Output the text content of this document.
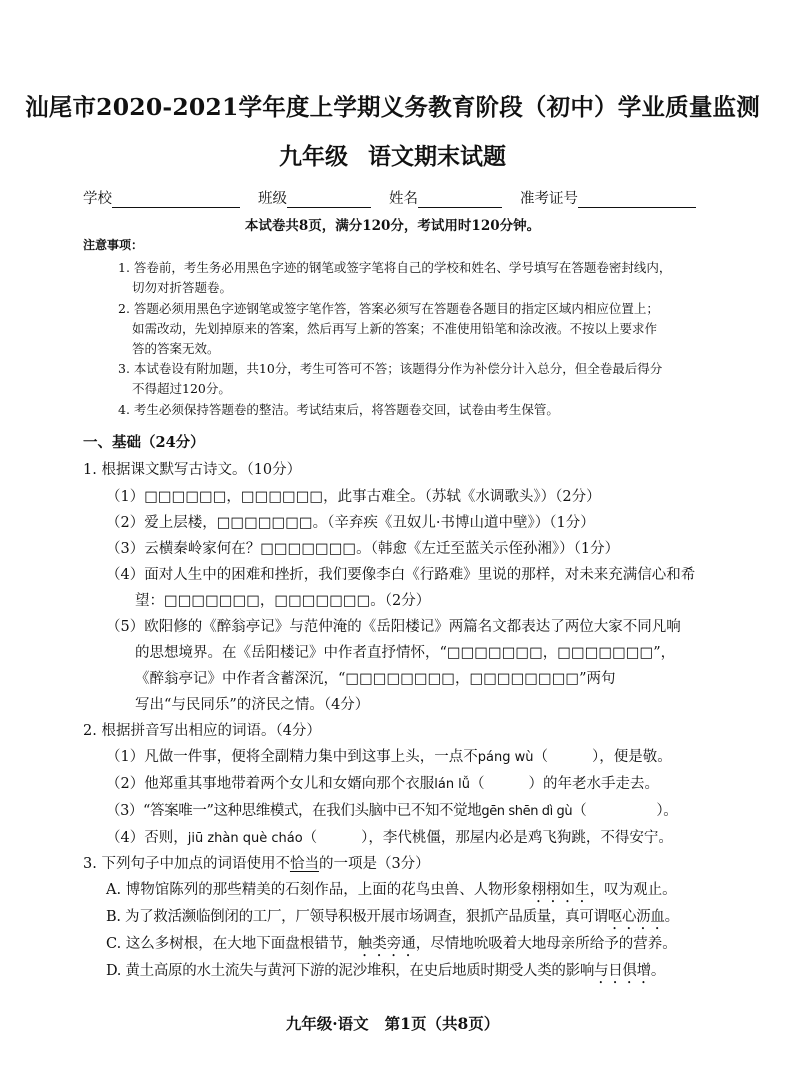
汕尾市2020-2021学年度上学期义务教育阶段（初中）学业质量监测
九年级 语文期末试题
学校	班级	姓名	准考证号
本试卷共8页，满分120分，考试用时120分钟。
注意事项：
1. 答卷前，考生务必用黑色字迹的钢笔或签字笔将自己的学校和姓名、学号填写在答题卷密封线内，
切勿对折答题卷。
2. 答题必须用黑色字迹钢笔或签字笔作答，答案必须写在答题卷各题目的指定区域内相应位置上；
如需改动，先划掉原来的答案，然后再写上新的答案；不准使用铅笔和涂改液。不按以上要求作
答的答案无效。
3. 本试卷设有附加题，共10分，考生可答可不答；该题得分作为补偿分计入总分，但全卷最后得分
不得超过120分。
4. 考生必须保持答题卷的整洁。考试结束后，将答题卷交回，试卷由考生保管。
一、基础（24分）
1. 根据课文默写古诗文。（10分）
（1）□□□□□□，□□□□□□，此事古难全。（苏轼《水调歌头》）（2分）
（2）爱上层楼，□□□□□□□。（辛弃疾《丑奴儿·书博山道中壁》）（1分）
（3）云横秦岭家何在？□□□□□□□。（韩愈《左迁至蓝关示侄孙湘》）（1分）
（4）面对人生中的困难和挫折，我们要像李白《行路难》里说的那样，对未来充满信心和希
望：□□□□□□□，□□□□□□□。（2分）
（5）欧阳修的《醉翁亭记》与范仲淹的《岳阳楼记》两篇名文都表达了两位大家不同凡响
的思想境界。在《岳阳楼记》中作者直抒情怀，“□□□□□□□，□□□□□□□”，
《醉翁亭记》中作者含蓄深沉，“□□□□□□□□，□□□□□□□□”两句
写出“与民同乐”的济民之情。（4分）
2. 根据拼音写出相应的词语。（4分）
（1）凡做一件事，便将全副精力集中到这事上头，一点不páng wù（	），便是敬。
（2）他郑重其事地带着两个女儿和女婿向那个衣服lán lǚ（	）的年老水手走去。
（3）“答案唯一”这种思维模式，在我们头脑中已不知不觉地gēn shēn dì gù（	）。
（4）否则，jiū zhàn què cháo（	），李代桃僵，那屋内必是鸡飞狗跳，不得安宁。
3. 下列句子中加点的词语使用不恰当的一项是（3分）
A. 博物馆陈列的那些精美的石刻作品，上面的花鸟虫兽、人物形象栩栩如生，叹为观止。
B. 为了救活濒临倒闭的工厂，厂领导积极开展市场调查，狠抓产品质量，真可谓呕心沥血。
C. 这么多树根，在大地下面盘根错节，触类旁通，尽情地吮吸着大地母亲所给予的营养。
D. 黄土高原的水土流失与黄河下游的泥沙堆积，在史后地质时期受人类的影响与日俱增。
九年级·语文 第1页（共8页）
